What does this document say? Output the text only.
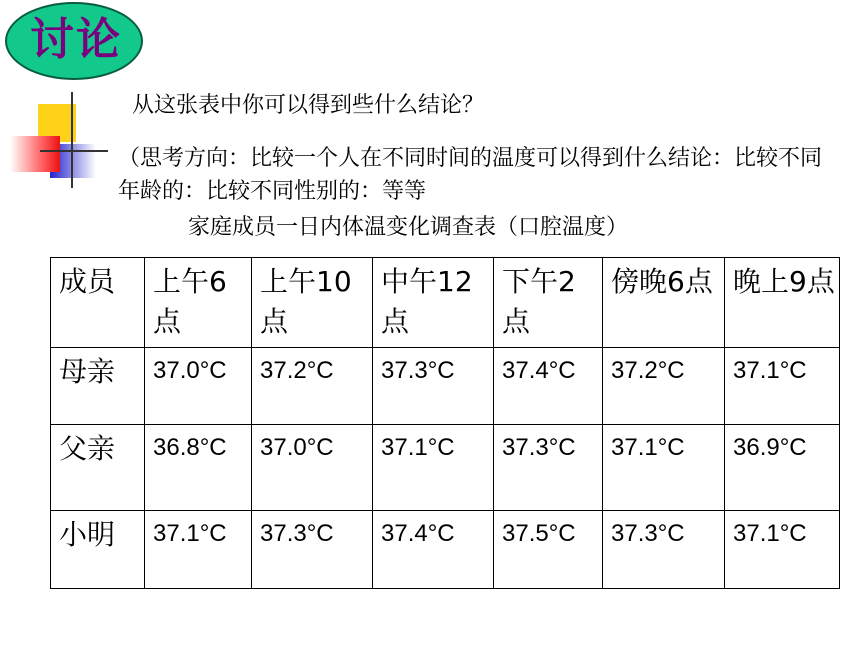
讨论
从这张表中你可以得到些什么结论？
（思考方向：比较一个人在不同时间的温度可以得到什么结论：比较不同年龄的：比较不同性别的：等等
家庭成员一日内体温变化调查表（口腔温度）
成员	上午6点	上午10点	中午12点	下午2点	傍晚6点	晚上9点
母亲	37.0°C	37.2°C	37.3°C	37.4°C	37.2°C	37.1°C
父亲	36.8°C	37.0°C	37.1°C	37.3°C	37.1°C	36.9°C
小明	37.1°C	37.3°C	37.4°C	37.5°C	37.3°C	37.1°C
